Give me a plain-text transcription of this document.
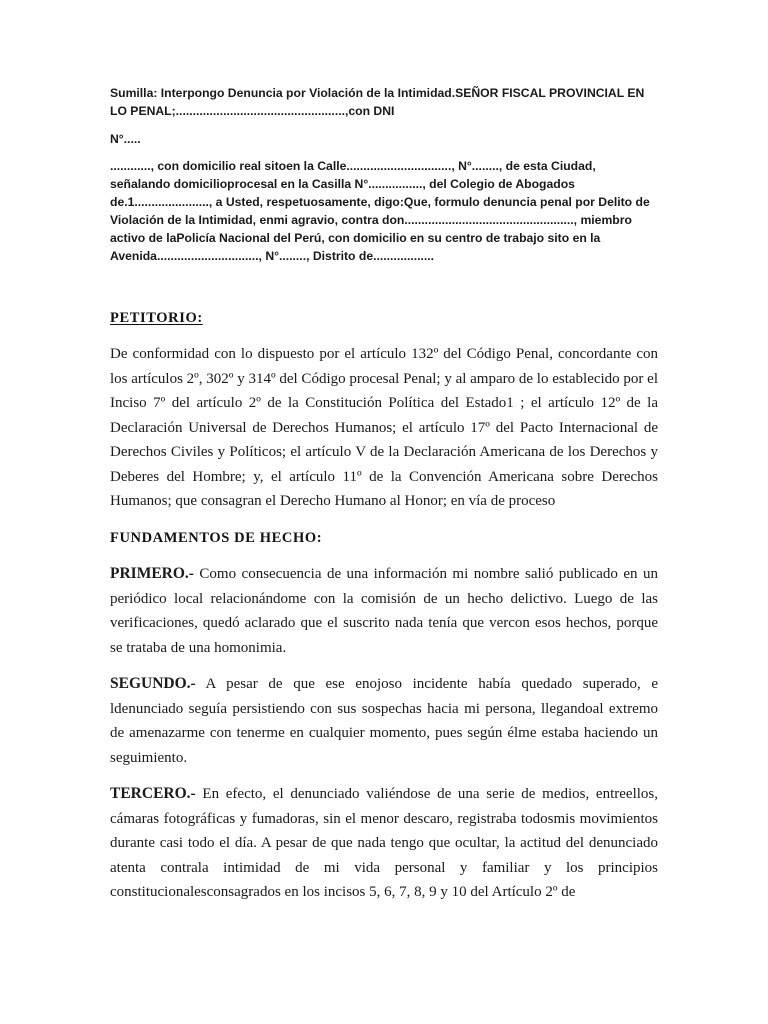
Sumilla: Interpongo Denuncia por Violación de la Intimidad.SEÑOR FISCAL PROVINCIAL EN LO PENAL;..................................................,con DNI

N°.....

............, con domicilio real sitoen la Calle..............................., N°........, de esta Ciudad, señalando domicilioprocesal en la Casilla N°................, del Colegio de Abogados de.1......................, a Usted, respetuosamente, digo:Que, formulo denuncia penal por Delito de Violación de la Intimidad, enmi agravio, contra don.................................................., miembro activo de laPolicía Nacional del Perú, con domicilio en su centro de trabajo sito en la Avenida.............................., N°........, Distrito de..................

PETITORIO:

De conformidad con lo dispuesto por el artículo 132º del Código Penal, concordante con los artículos 2º, 302º y 314º del Código procesal Penal; y al amparo de lo establecido por el Inciso 7º del artículo 2º de la Constitución Política del Estado1 ; el artículo 12º de la Declaración Universal de Derechos Humanos; el artículo 17º del Pacto Internacional de Derechos Civiles y Políticos; el artículo V de la Declaración Americana de los Derechos y Deberes del Hombre; y, el artículo 11º de la Convención Americana sobre Derechos Humanos; que consagran el Derecho Humano al Honor; en vía de proceso

FUNDAMENTOS DE HECHO:

PRIMERO.- Como consecuencia de una información mi nombre salió publicado en un periódico local relacionándome con la comisión de un hecho delictivo. Luego de las verificaciones, quedó aclarado que el suscrito nada tenía que vercon esos hechos, porque se trataba de una homonimia.

SEGUNDO.- A pesar de que ese enojoso incidente había quedado superado, e ldenunciado seguía persistiendo con sus sospechas hacia mi persona, llegandoal extremo de amenazarme con tenerme en cualquier momento, pues según élme estaba haciendo un seguimiento.

TERCERO.- En efecto, el denunciado valiéndose de una serie de medios, entreellos, cámaras fotográficas y fumadoras, sin el menor descaro, registraba todosmis movimientos durante casi todo el día. A pesar de que nada tengo que ocultar, la actitud del denunciado atenta contrala intimidad de mi vida personal y familiar y los principios constitucionalesconsagrados en los incisos 5, 6, 7, 8, 9 y 10 del Artículo 2º de
